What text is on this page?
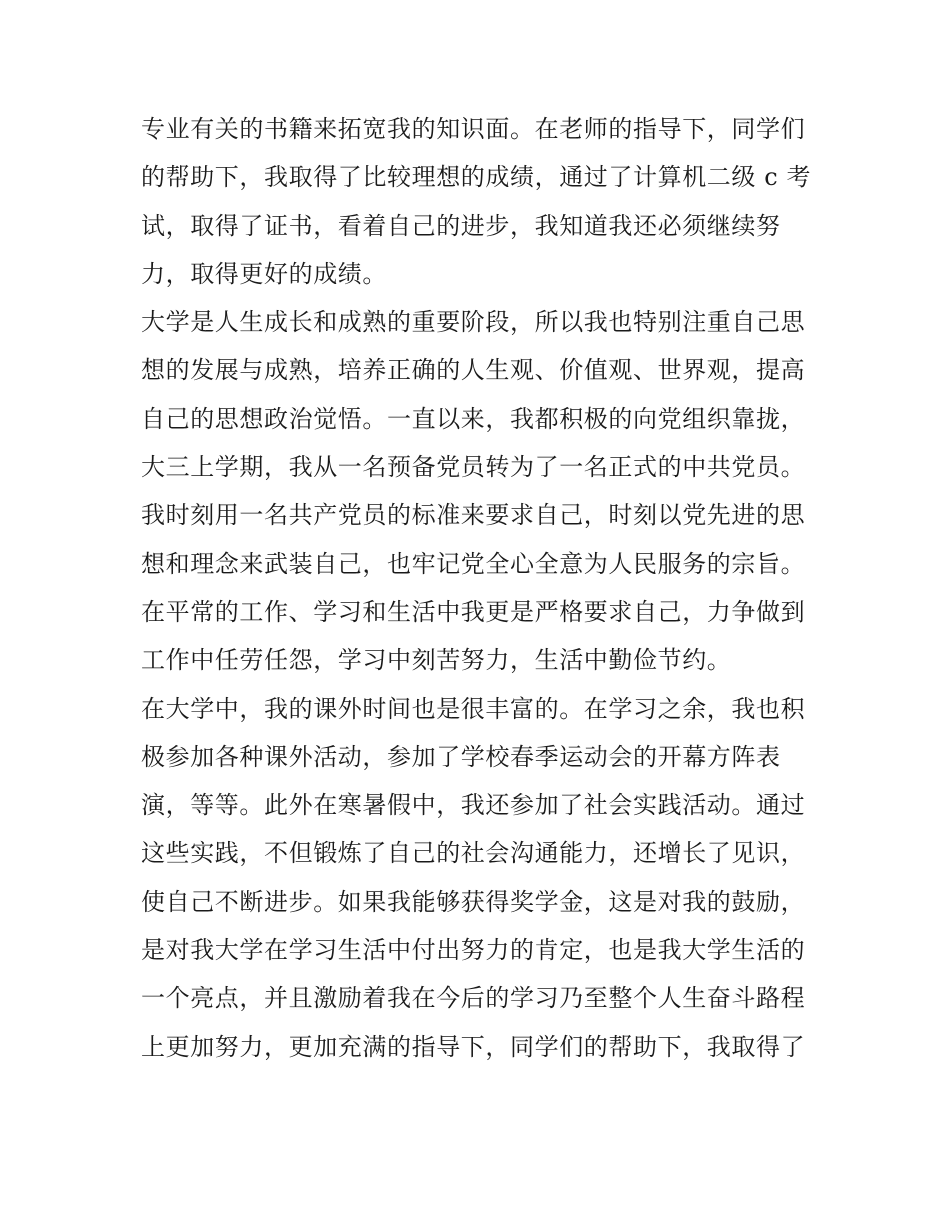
专业有关的书籍来拓宽我的知识面。在老师的指导下，同学们
的帮助下，我取得了比较理想的成绩，通过了计算机二级 c 考
试，取得了证书，看着自己的进步，我知道我还必须继续努
力，取得更好的成绩。
大学是人生成长和成熟的重要阶段，所以我也特别注重自己思
想的发展与成熟，培养正确的人生观、价值观、世界观，提高
自己的思想政治觉悟。一直以来，我都积极的向党组织靠拢，
大三上学期，我从一名预备党员转为了一名正式的中共党员。
我时刻用一名共产党员的标准来要求自己，时刻以党先进的思
想和理念来武装自己，也牢记党全心全意为人民服务的宗旨。
在平常的工作、学习和生活中我更是严格要求自己，力争做到
工作中任劳任怨，学习中刻苦努力，生活中勤俭节约。
在大学中，我的课外时间也是很丰富的。在学习之余，我也积
极参加各种课外活动，参加了学校春季运动会的开幕方阵表
演，等等。此外在寒暑假中，我还参加了社会实践活动。通过
这些实践，不但锻炼了自己的社会沟通能力，还增长了见识，
使自己不断进步。如果我能够获得奖学金，这是对我的鼓励，
是对我大学在学习生活中付出努力的肯定，也是我大学生活的
一个亮点，并且激励着我在今后的学习乃至整个人生奋斗路程
上更加努力，更加充满的指导下，同学们的帮助下，我取得了
